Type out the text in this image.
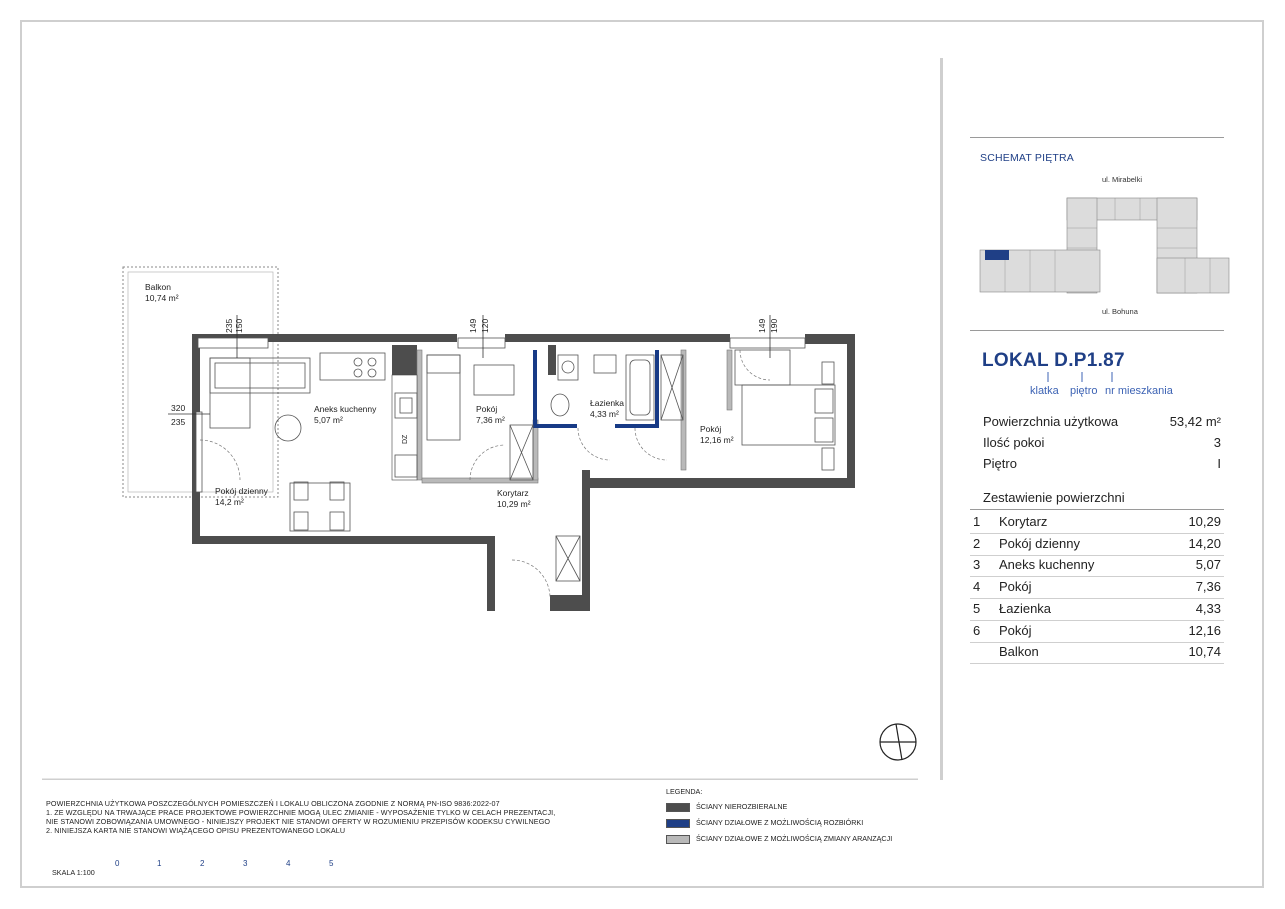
Balkon
10,74 m²
Aneks kuchenny
5,07 m²
Pokój
7,36 m²
Łazienka
4,33 m²
Pokój
12,16 m²
Pokój dzienny
14,2 m²
Korytarz
10,29 m²
235 150	149 120	149 190
320
235
DZ
SCHEMAT PIĘTRA
ul. Mirabelki
ul. Bohuna
LOKAL D.P1.87
klatka piętro nr mieszkania
Powierzchnia użytkowa	53,42 m²
Ilość pokoi	3
Piętro	I
Zestawienie powierzchni
1 Korytarz	10,29
2 Pokój dzienny	14,20
3 Aneks kuchenny	5,07
4 Pokój	7,36
5 Łazienka	4,33
6 Pokój	12,16
Balkon	10,74
POWIERZCHNIA UŻYTKOWA POSZCZEGÓLNYCH POMIESZCZEŃ I LOKALU OBLICZONA ZGODNIE Z NORMĄ PN-ISO 9836:2022-07
1. ZE WZGLĘDU NA TRWAJĄCE PRACE PROJEKTOWE POWIERZCHNIE MOGĄ ULEC ZMIANIE - WYPOSAŻENIE TYLKO W CELACH PREZENTACJI,
NIE STANOWI ZOBOWIĄZANIA UMOWNEGO - NINIEJSZY PROJEKT NIE STANOWI OFERTY W ROZUMIENIU PRZEPISÓW KODEKSU CYWILNEGO
2. NINIEJSZA KARTA NIE STANOWI WIĄŻĄCEGO OPISU PREZENTOWANEGO LOKALU
LEGENDA:
ŚCIANY NIEROZBIERALNE
ŚCIANY DZIAŁOWE Z MOŻLIWOŚCIĄ ROZBIÓRKI
ŚCIANY DZIAŁOWE Z MOŻLIWOŚCIĄ ZMIANY ARANZĄCJI
SKALA 1:100
0	1	2	3	4	5
